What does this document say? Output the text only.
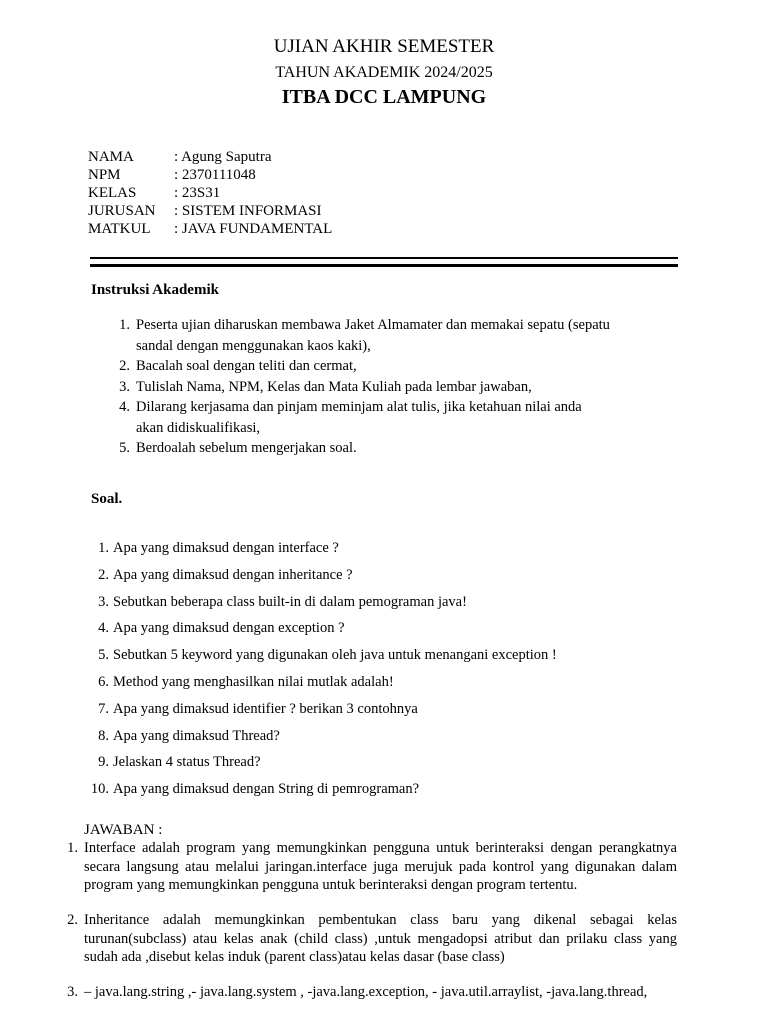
UJIAN AKHIR SEMESTER
TAHUN AKADEMIK 2024/2025
ITBA DCC LAMPUNG
NAMA	: Agung Saputra
NPM	: 2370111048
KELAS	: 23S31
JURUSAN : SISTEM INFORMASI
MATKUL : JAVA FUNDAMENTAL
Instruksi Akademik
1. Peserta ujian diharuskan membawa Jaket Almamater dan memakai sepatu (sepatu
sandal dengan menggunakan kaos kaki),
2. Bacalah soal dengan teliti dan cermat,
3. Tulislah Nama, NPM, Kelas dan Mata Kuliah pada lembar jawaban,
4. Dilarang kerjasama dan pinjam meminjam alat tulis, jika ketahuan nilai anda
akan didiskualifikasi,
5. Berdoalah sebelum mengerjakan soal.
Soal.
1. Apa yang dimaksud dengan interface ?
2. Apa yang dimaksud dengan inheritance ?
3. Sebutkan beberapa class built-in di dalam pemograman java!
4. Apa yang dimaksud dengan exception ?
5. Sebutkan 5 keyword yang digunakan oleh java untuk menangani exception !
6. Method yang menghasilkan nilai mutlak adalah!
7. Apa yang dimaksud identifier ? berikan 3 contohnya
8. Apa yang dimaksud Thread?
9. Jelaskan 4 status Thread?
10. Apa yang dimaksud dengan String di pemrograman?
JAWABAN :
1. Interface adalah program yang memungkinkan pengguna untuk berinteraksi dengan perangkatnya secara langsung atau melalui jaringan.interface juga merujuk pada kontrol yang digunakan dalam program yang memungkinkan pengguna untuk berinteraksi dengan program tertentu.
2. Inheritance adalah memungkinkan pembentukan class baru yang dikenal sebagai kelas turunan(subclass) atau kelas anak (child class) ,untuk mengadopsi atribut dan prilaku class yang sudah ada ,disebut kelas induk (parent class)atau kelas dasar (base class)
3. – java.lang.string ,- java.lang.system , -java.lang.exception, - java.util.arraylist, -java.lang.thread,
